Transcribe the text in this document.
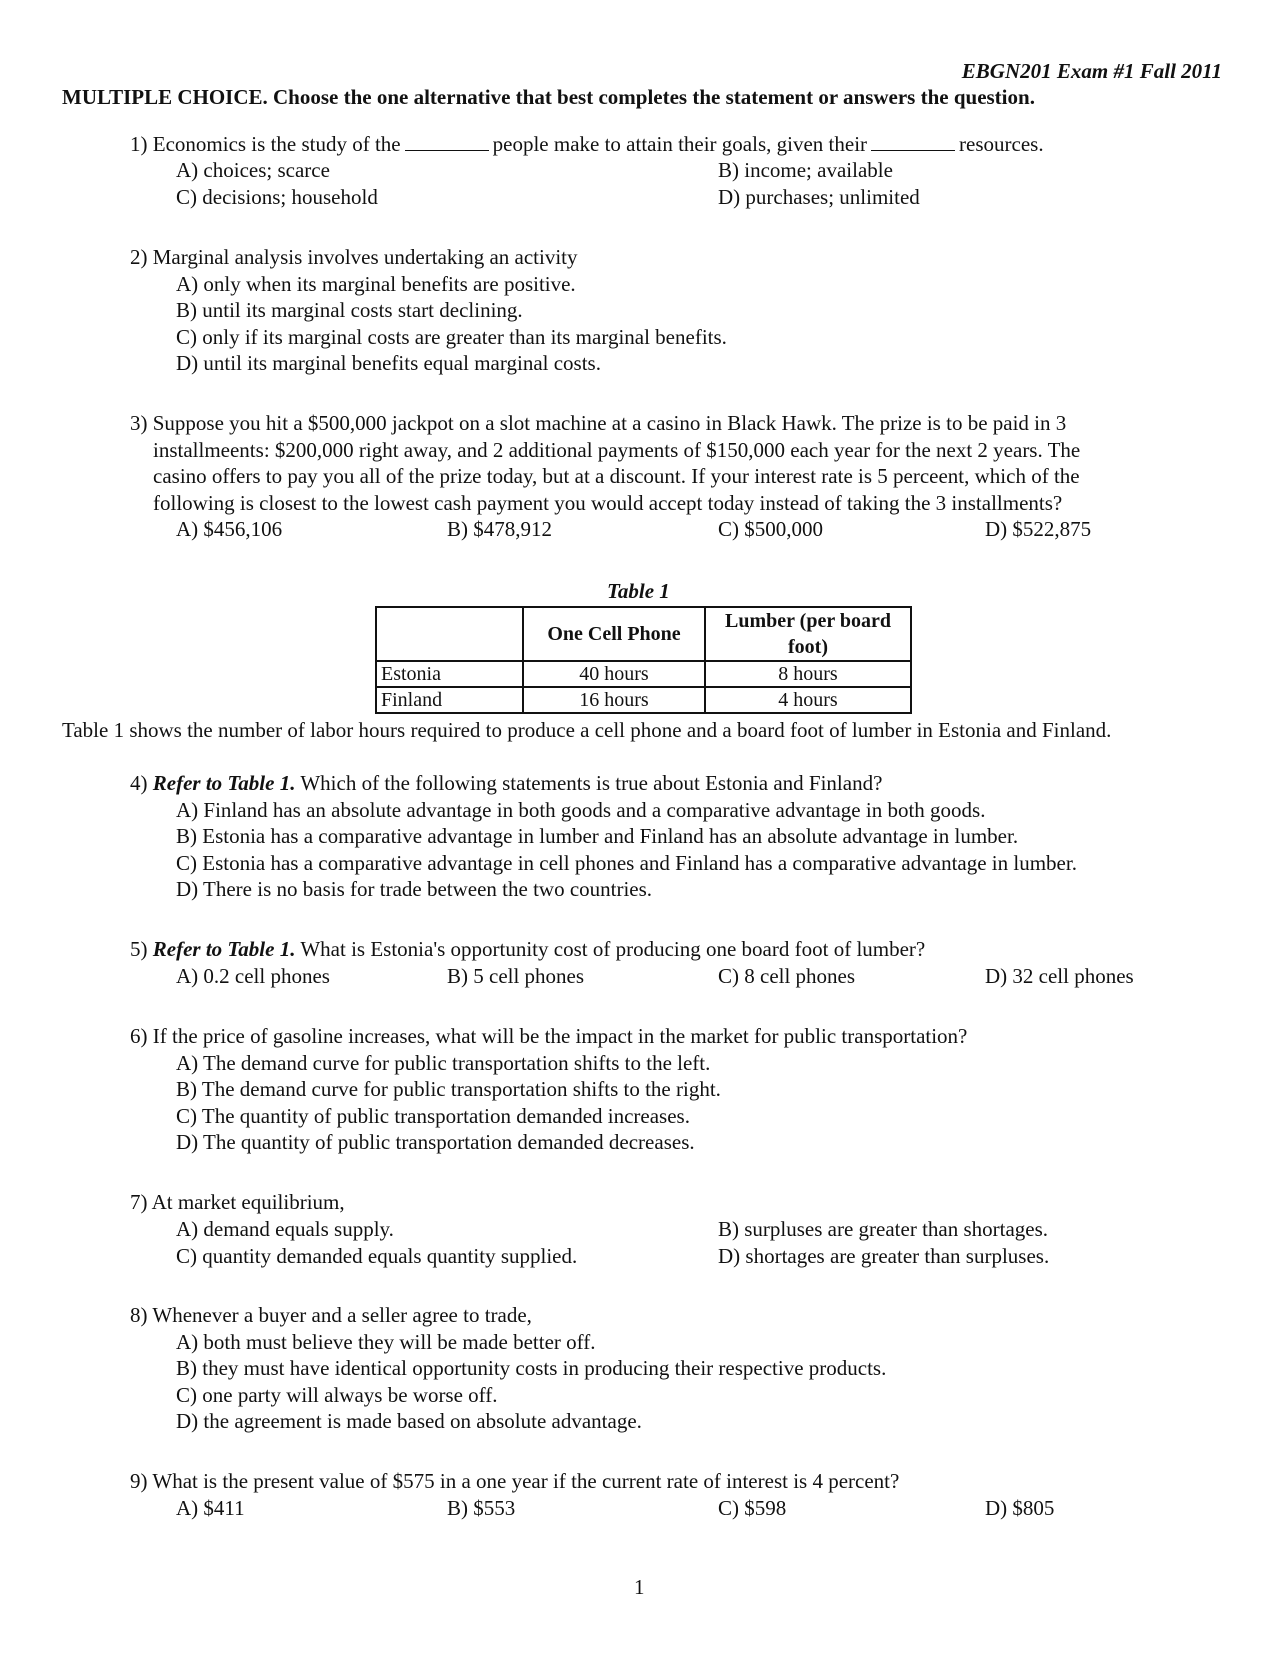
EBGN201 Exam #1 Fall 2011
MULTIPLE CHOICE. Choose the one alternative that best completes the statement or answers the question.
1) Economics is the study of the	people make to attain their goals, given their	resources.
A) choices; scarce	B) income; available
C) decisions; household	D) purchases; unlimited
2) Marginal analysis involves undertaking an activity
A) only when its marginal benefits are positive.
B) until its marginal costs start declining.
C) only if its marginal costs are greater than its marginal benefits.
D) until its marginal benefits equal marginal costs.
3) Suppose you hit a $500,000 jackpot on a slot machine at a casino in Black Hawk. The prize is to be paid in 3
installmeents: $200,000 right away, and 2 additional payments of $150,000 each year for the next 2 years. The
casino offers to pay you all of the prize today, but at a discount. If your interest rate is 5 perceent, which of the
following is closest to the lowest cash payment you would accept today instead of taking the 3 installments?
A) $456,106	B) $478,912	C) $500,000	D) $522,875
Table 1
	One Cell Phone	Lumber (per board foot)
Estonia	40 hours	8 hours
Finland	16 hours	4 hours
Table 1 shows the number of labor hours required to produce a cell phone and a board foot of lumber in Estonia and Finland.
4) Refer to Table 1. Which of the following statements is true about Estonia and Finland?
A) Finland has an absolute advantage in both goods and a comparative advantage in both goods.
B) Estonia has a comparative advantage in lumber and Finland has an absolute advantage in lumber.
C) Estonia has a comparative advantage in cell phones and Finland has a comparative advantage in lumber.
D) There is no basis for trade between the two countries.
5) Refer to Table 1. What is Estonia's opportunity cost of producing one board foot of lumber?
A) 0.2 cell phones	B) 5 cell phones	C) 8 cell phones	D) 32 cell phones
6) If the price of gasoline increases, what will be the impact in the market for public transportation?
A) The demand curve for public transportation shifts to the left.
B) The demand curve for public transportation shifts to the right.
C) The quantity of public transportation demanded increases.
D) The quantity of public transportation demanded decreases.
7) At market equilibrium,
A) demand equals supply.	B) surpluses are greater than shortages.
C) quantity demanded equals quantity supplied.	D) shortages are greater than surpluses.
8) Whenever a buyer and a seller agree to trade,
A) both must believe they will be made better off.
B) they must have identical opportunity costs in producing their respective products.
C) one party will always be worse off.
D) the agreement is made based on absolute advantage.
9) What is the present value of $575 in a one year if the current rate of interest is 4 percent?
A) $411	B) $553	C) $598	D) $805
1
